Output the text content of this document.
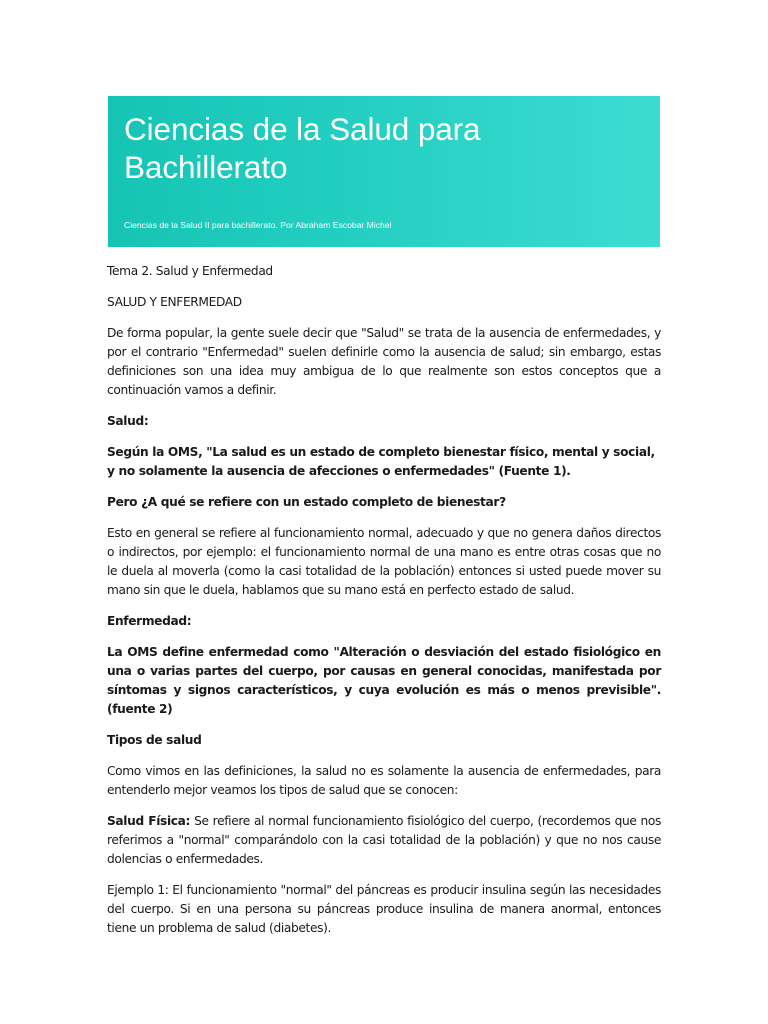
Ciencias de la Salud para Bachillerato

Ciencias de la Salud II para bachillerato. Por Abraham Escobar Michel

Tema 2. Salud y Enfermedad

SALUD Y ENFERMEDAD

De forma popular, la gente suele decir que "Salud" se trata de la ausencia de enfermedades, y por el contrario "Enfermedad" suelen definirle como la ausencia de salud; sin embargo, estas definiciones son una idea muy ambigua de lo que realmente son estos conceptos que a continuación vamos a definir.

Salud:

Según la OMS, "La salud es un estado de completo bienestar físico, mental y social, y no solamente la ausencia de afecciones o enfermedades" (Fuente 1).

Pero ¿A qué se refiere con un estado completo de bienestar?

Esto en general se refiere al funcionamiento normal, adecuado y que no genera daños directos o indirectos, por ejemplo: el funcionamiento normal de una mano es entre otras cosas que no le duela al moverla (como la casi totalidad de la población) entonces si usted puede mover su mano sin que le duela, hablamos que su mano está en perfecto estado de salud.

Enfermedad:

La OMS define enfermedad como "Alteración o desviación del estado fisiológico en una o varias partes del cuerpo, por causas en general conocidas, manifestada por síntomas y signos característicos, y cuya evolución es más o menos previsible". (fuente 2)

Tipos de salud

Como vimos en las definiciones, la salud no es solamente la ausencia de enfermedades, para entenderlo mejor veamos los tipos de salud que se conocen:

Salud Física: Se refiere al normal funcionamiento fisiológico del cuerpo, (recordemos que nos referimos a "normal" comparándolo con la casi totalidad de la población) y que no nos cause dolencias o enfermedades.

Ejemplo 1: El funcionamiento "normal" del páncreas es producir insulina según las necesidades del cuerpo. Si en una persona su páncreas produce insulina de manera anormal, entonces tiene un problema de salud (diabetes).
